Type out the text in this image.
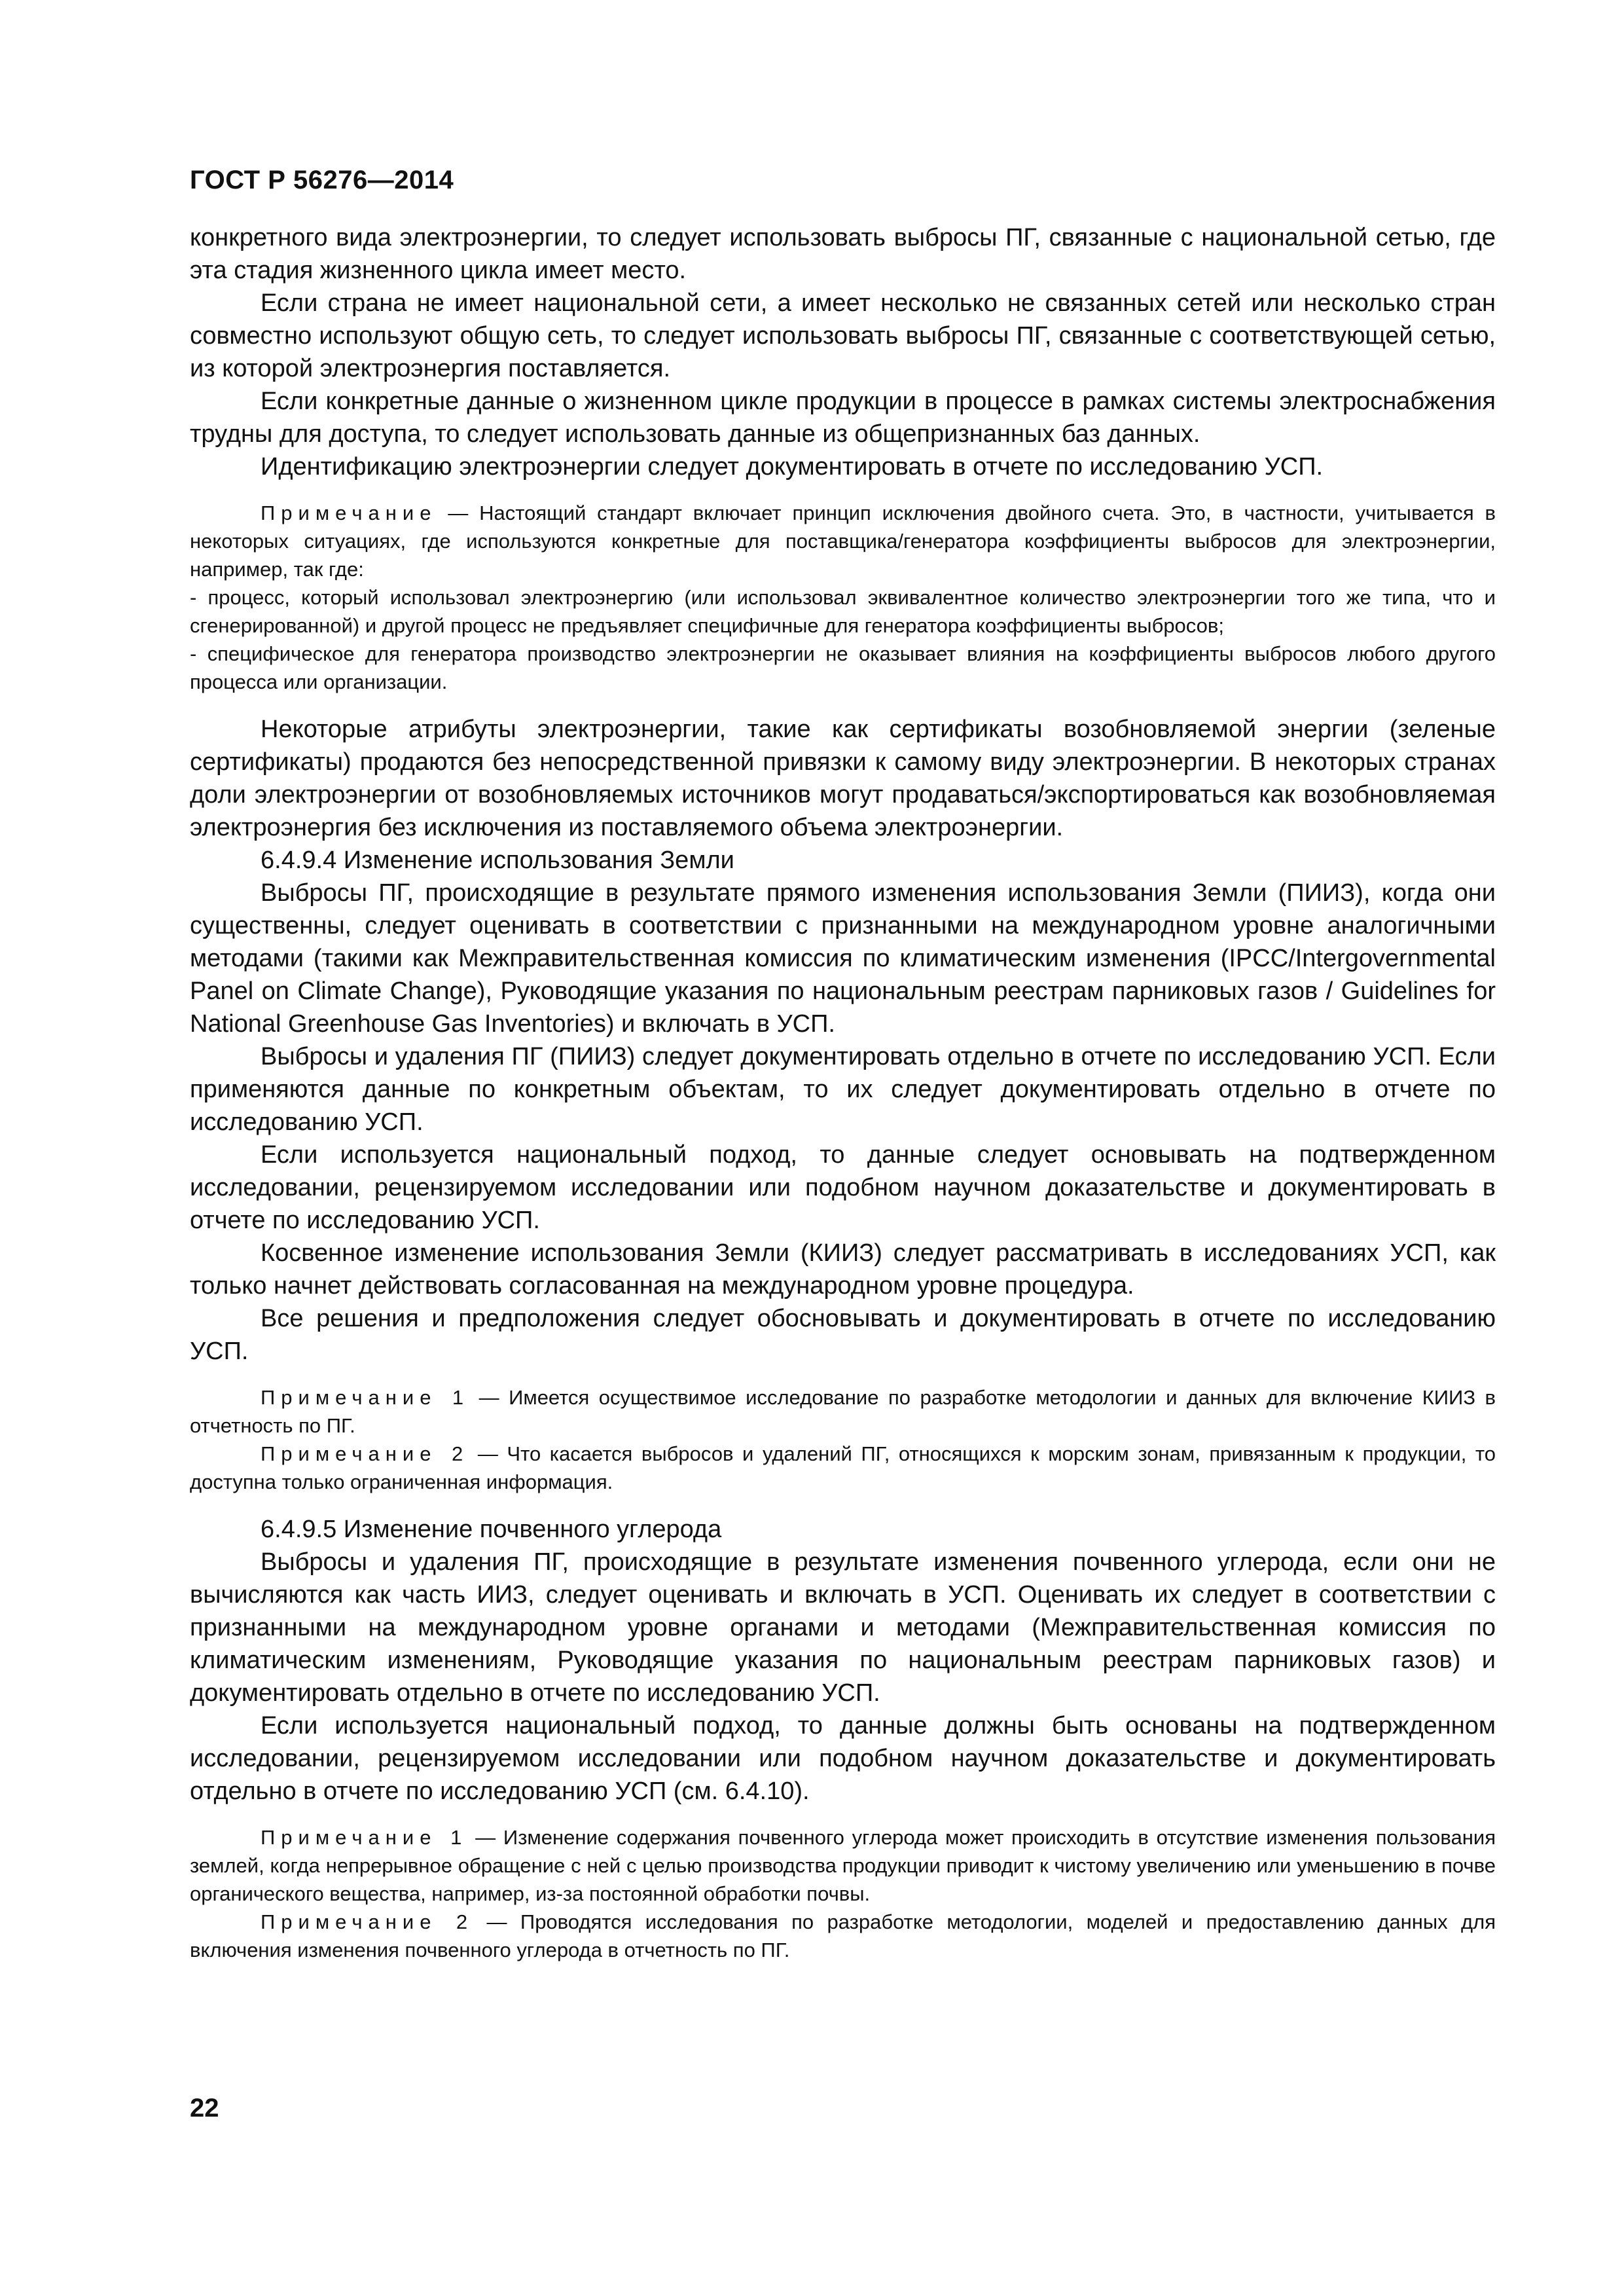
ГОСТ Р 56276—2014

конкретного вида электроэнергии, то следует использовать выбросы ПГ, связанные с национальной сетью, где эта стадия жизненного цикла имеет место.

Если страна не имеет национальной сети, а имеет несколько не связанных сетей или несколько стран совместно используют общую сеть, то следует использовать выбросы ПГ, связанные с соответствующей сетью, из которой электроэнергия поставляется.

Если конкретные данные о жизненном цикле продукции в процессе в рамках системы электроснабжения трудны для доступа, то следует использовать данные из общепризнанных баз данных.

Идентификацию электроэнергии следует документировать в отчете по исследованию УСП.

Примечание — Настоящий стандарт включает принцип исключения двойного счета. Это, в частности, учитывается в некоторых ситуациях, где используются конкретные для поставщика/генератора коэффициенты выбросов для электроэнергии, например, так где:

- процесс, который использовал электроэнергию (или использовал эквивалентное количество электроэнергии того же типа, что и сгенерированной) и другой процесс не предъявляет специфичные для генератора коэффициенты выбросов;

- специфическое для генератора производство электроэнергии не оказывает влияния на коэффициенты выбросов любого другого процесса или организации.

Некоторые атрибуты электроэнергии, такие как сертификаты возобновляемой энергии (зеленые сертификаты) продаются без непосредственной привязки к самому виду электроэнергии. В некоторых странах доли электроэнергии от возобновляемых источников могут продаваться/экспортироваться как возобновляемая электроэнергия без исключения из поставляемого объема электроэнергии.

6.4.9.4 Изменение использования Земли

Выбросы ПГ, происходящие в результате прямого изменения использования Земли (ПИИЗ), когда они существенны, следует оценивать в соответствии с признанными на международном уровне аналогичными методами (такими как Межправительственная комиссия по климатическим изменения (IPCC/Intergovernmental Panel on Climate Change), Руководящие указания по национальным реестрам парниковых газов / Guidelines for National Greenhouse Gas Inventories) и включать в УСП.

Выбросы и удаления ПГ (ПИИЗ) следует документировать отдельно в отчете по исследованию УСП. Если применяются данные по конкретным объектам, то их следует документировать отдельно в отчете по исследованию УСП.

Если используется национальный подход, то данные следует основывать на подтвержденном исследовании, рецензируемом исследовании или подобном научном доказательстве и документировать в отчете по исследованию УСП.

Косвенное изменение использования Земли (КИИЗ) следует рассматривать в исследованиях УСП, как только начнет действовать согласованная на международном уровне процедура.

Все решения и предположения следует обосновывать и документировать в отчете по исследованию УСП.

Примечание 1 — Имеется осуществимое исследование по разработке методологии и данных для включение КИИЗ в отчетность по ПГ.

Примечание 2 — Что касается выбросов и удалений ПГ, относящихся к морским зонам, привязанным к продукции, то доступна только ограниченная информация.

6.4.9.5 Изменение почвенного углерода

Выбросы и удаления ПГ, происходящие в результате изменения почвенного углерода, если они не вычисляются как часть ИИЗ, следует оценивать и включать в УСП. Оценивать их следует в соответствии с признанными на международном уровне органами и методами (Межправительственная комиссия по климатическим изменениям, Руководящие указания по национальным реестрам парниковых газов) и документировать отдельно в отчете по исследованию УСП.

Если используется национальный подход, то данные должны быть основаны на подтвержденном исследовании, рецензируемом исследовании или подобном научном доказательстве и документировать отдельно в отчете по исследованию УСП (см. 6.4.10).

Примечание 1 — Изменение содержания почвенного углерода может происходить в отсутствие изменения пользования землей, когда непрерывное обращение с ней с целью производства продукции приводит к чистому увеличению или уменьшению в почве органического вещества, например, из-за постоянной обработки почвы.

Примечание 2 — Проводятся исследования по разработке методологии, моделей и предоставлению данных для включения изменения почвенного углерода в отчетность по ПГ.

22
